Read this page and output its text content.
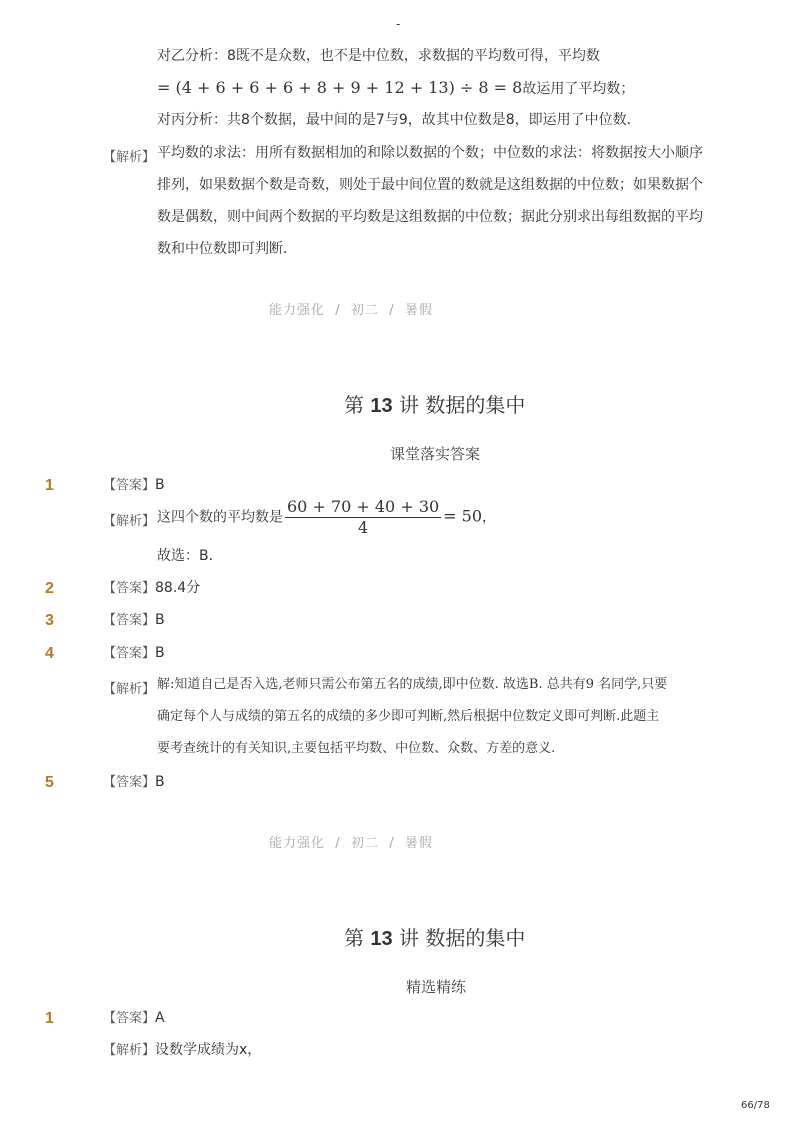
-
对乙分析：8既不是众数，也不是中位数，求数据的平均数可得，平均数
= (4 + 6 + 6 + 6 + 8 + 9 + 12 + 13) ÷ 8 = 8故运用了平均数；
对丙分析：共8个数据，最中间的是7与9，故其中位数是8，即运用了中位数．
【解析】 平均数的求法：用所有数据相加的和除以数据的个数；中位数的求法：将数据按大小顺序
排列，如果数据个数是奇数，则处于最中间位置的数就是这组数据的中位数；如果数据个
数是偶数，则中间两个数据的平均数是这组数据的中位数；据此分别求出每组数据的平均
数和中位数即可判断．
能力强化 / 初二 / 暑假
第 13 讲 数据的集中
课堂落实答案
1	【答案】B
【解析】 这四个数的平均数是 $\frac{60 + 70 + 40 + 30}{4} = 50$，
故选：B．
2	【答案】88.4分
3	【答案】B
4	【答案】B
【解析】 解:知道自己是否入选,老师只需公布第五名的成绩,即中位数. 故选B. 总共有9 名同学,只要
确定每个人与成绩的第五名的成绩的多少即可判断,然后根据中位数定义即可判断.此题主
要考查统计的有关知识,主要包括平均数、中位数、众数、方差的意义.
5	【答案】B
能力强化 / 初二 / 暑假
第 13 讲 数据的集中
精选精练
1	【答案】A
【解析】设数学成绩为x，
66/78
